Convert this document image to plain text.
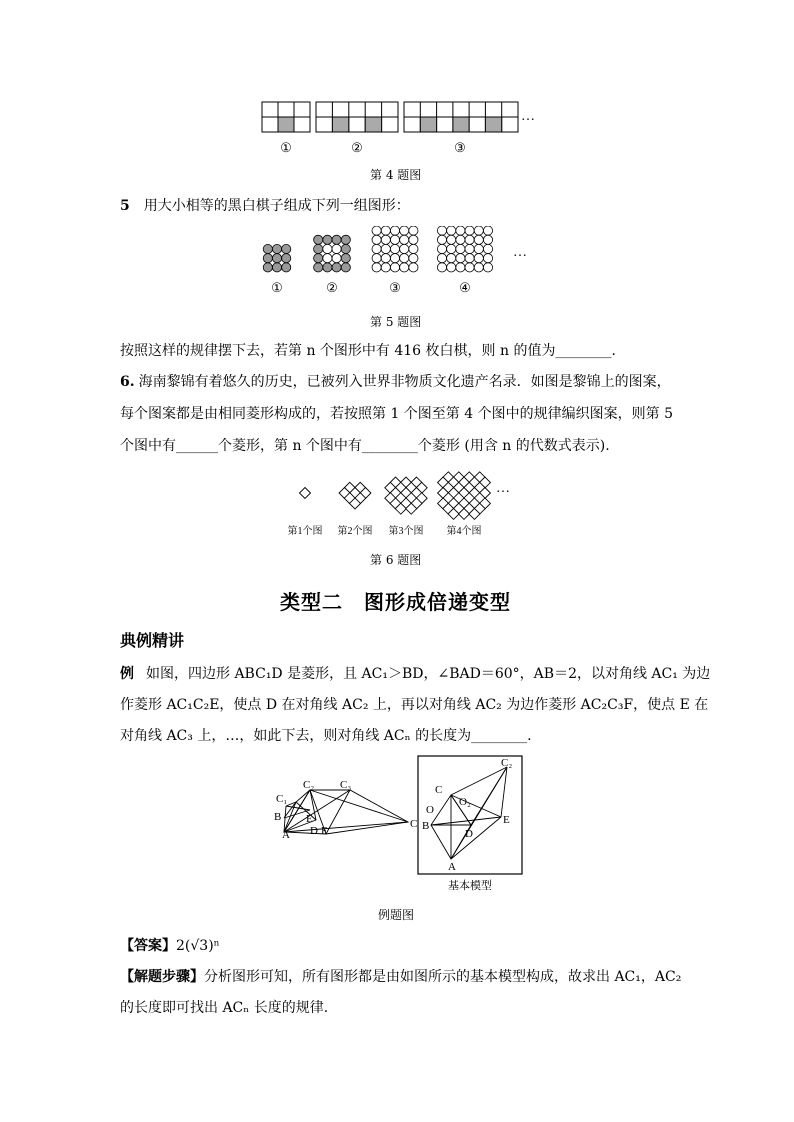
①	②	③
…
第 4 题图
5 用大小相等的黑白棋子组成下列一组图形：
①	②	③	④
…
第 5 题图
按照这样的规律摆下去，若第 n 个图形中有 416 枚白棋，则 n 的值为________.
6. 海南黎锦有着悠久的历史，已被列入世界非物质文化遗产名录．如图是黎锦上的图案，
每个图案都是由相同菱形构成的，若按照第 1 个图至第 4 个图中的规律编织图案，则第 5
个图中有______个菱形，第 n 个图中有________个菱形 (用含 n 的代数式表示).
第1个图 第2个图 第3个图 第4个图
…
第 6 题图
类型二　图形成倍递变型
典例精讲
例 如图，四边形 ABC₁D 是菱形，且 AC₁＞BD，∠BAD＝60°，AB＝2，以对角线 AC₁ 为边
作菱形 AC₁C₂E，使点 D 在对角线 AC₂ 上，再以对角线 AC₂ 为边作菱形 AC₂C₃F，使点 E 在
对角线 AC₃ 上，…，如此下去，则对角线 ACₙ 的长度为________.
C₁
C₂ C₃
B E
A D F
C
C₂
C
O₂
O
B	E
D
A
基本模型
例题图
【答案】2(√3)ⁿ
【解题步骤】分析图形可知，所有图形都是由如图所示的基本模型构成，故求出 AC₁，AC₂
的长度即可找出 ACₙ 长度的规律.
